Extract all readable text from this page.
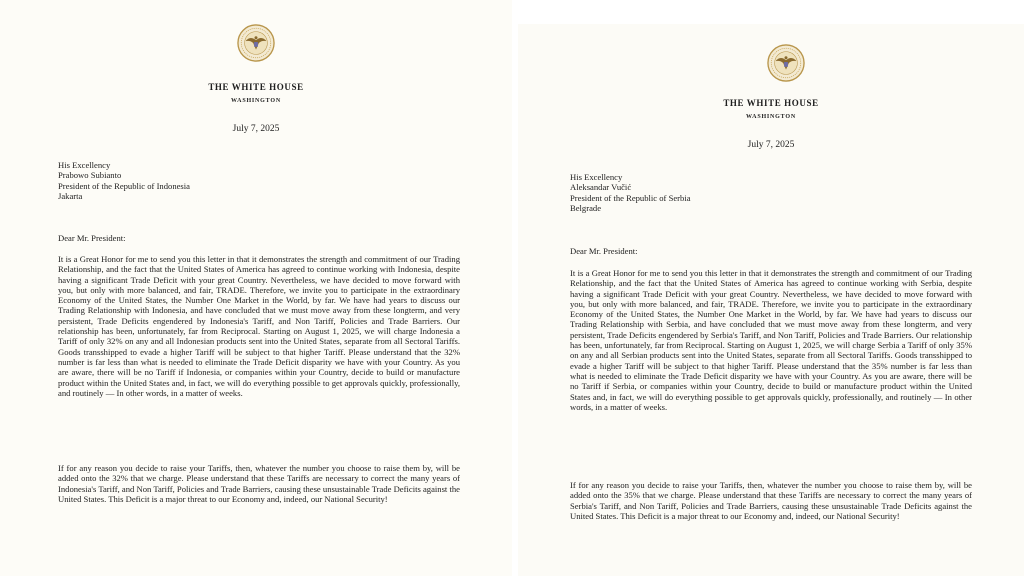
THE WHITE HOUSE
WASHINGTON
July 7, 2025
His Excellency
Prabowo Subianto
President of the Republic of Indonesia
Jakarta
Dear Mr. President:
It is a Great Honor for me to send you this letter in that it demonstrates the strength and commitment of our Trading Relationship, and the fact that the United States of America has agreed to continue working with Indonesia, despite having a significant Trade Deficit with your great Country. Nevertheless, we have decided to move forward with you, but only with more balanced, and fair, TRADE. Therefore, we invite you to participate in the extraordinary Economy of the United States, the Number One Market in the World, by far. We have had years to discuss our Trading Relationship with Indonesia, and have concluded that we must move away from these longterm, and very persistent, Trade Deficits engendered by Indonesia's Tariff, and Non Tariff, Policies and Trade Barriers. Our relationship has been, unfortunately, far from Reciprocal. Starting on August 1, 2025, we will charge Indonesia a Tariff of only 32% on any and all Indonesian products sent into the United States, separate from all Sectoral Tariffs. Goods transshipped to evade a higher Tariff will be subject to that higher Tariff. Please understand that the 32% number is far less than what is needed to eliminate the Trade Deficit disparity we have with your Country. As you are aware, there will be no Tariff if Indonesia, or companies within your Country, decide to build or manufacture product within the United States and, in fact, we will do everything possible to get approvals quickly, professionally, and routinely — In other words, in a matter of weeks.
If for any reason you decide to raise your Tariffs, then, whatever the number you choose to raise them by, will be added onto the 32% that we charge. Please understand that these Tariffs are necessary to correct the many years of Indonesia's Tariff, and Non Tariff, Policies and Trade Barriers, causing these unsustainable Trade Deficits against the United States. This Deficit is a major threat to our Economy and, indeed, our National Security!
THE WHITE HOUSE
WASHINGTON
July 7, 2025
His Excellency
Aleksandar Vučić
President of the Republic of Serbia
Belgrade
Dear Mr. President:
It is a Great Honor for me to send you this letter in that it demonstrates the strength and commitment of our Trading Relationship, and the fact that the United States of America has agreed to continue working with Serbia, despite having a significant Trade Deficit with your great Country. Nevertheless, we have decided to move forward with you, but only with more balanced, and fair, TRADE. Therefore, we invite you to participate in the extraordinary Economy of the United States, the Number One Market in the World, by far. We have had years to discuss our Trading Relationship with Serbia, and have concluded that we must move away from these longterm, and very persistent, Trade Deficits engendered by Serbia's Tariff, and Non Tariff, Policies and Trade Barriers. Our relationship has been, unfortunately, far from Reciprocal. Starting on August 1, 2025, we will charge Serbia a Tariff of only 35% on any and all Serbian products sent into the United States, separate from all Sectoral Tariffs. Goods transshipped to evade a higher Tariff will be subject to that higher Tariff. Please understand that the 35% number is far less than what is needed to eliminate the Trade Deficit disparity we have with your Country. As you are aware, there will be no Tariff if Serbia, or companies within your Country, decide to build or manufacture product within the United States and, in fact, we will do everything possible to get approvals quickly, professionally, and routinely — In other words, in a matter of weeks.
If for any reason you decide to raise your Tariffs, then, whatever the number you choose to raise them by, will be added onto the 35% that we charge. Please understand that these Tariffs are necessary to correct the many years of Serbia's Tariff, and Non Tariff, Policies and Trade Barriers, causing these unsustainable Trade Deficits against the United States. This Deficit is a major threat to our Economy and, indeed, our National Security!
